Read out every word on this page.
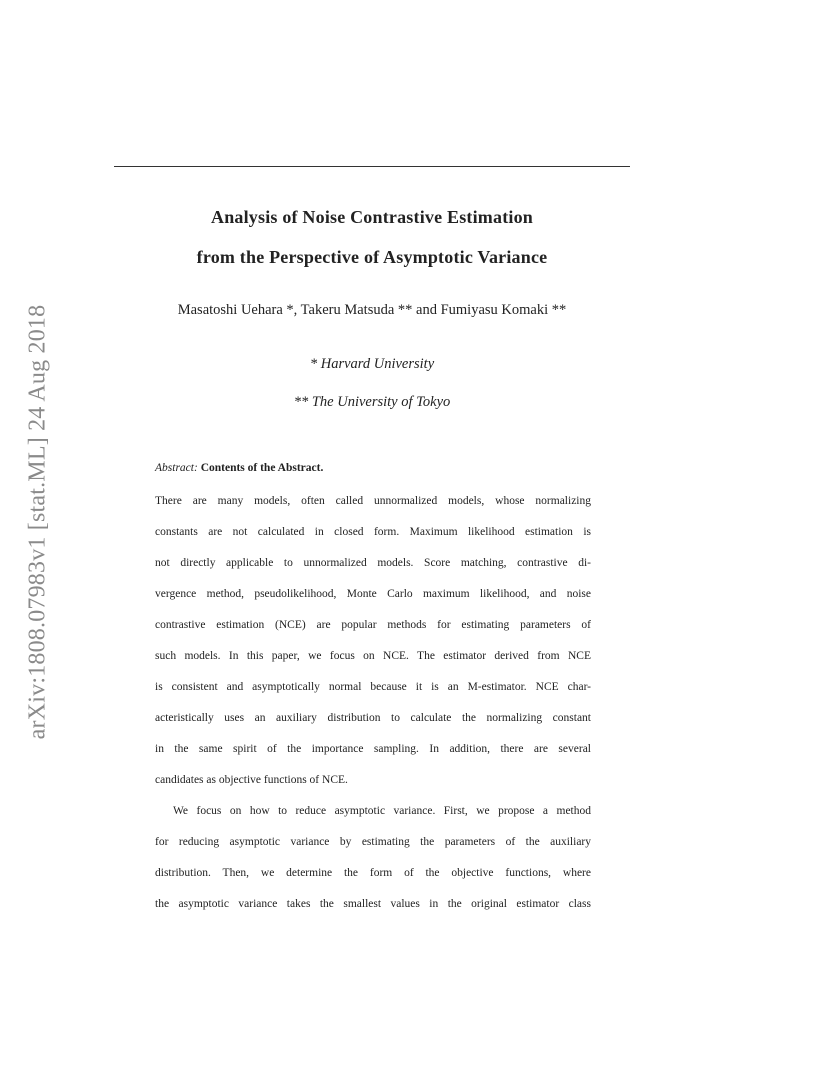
arXiv:1808.07983v1 [stat.ML] 24 Aug 2018
Analysis of Noise Contrastive Estimation
from the Perspective of Asymptotic Variance
Masatoshi Uehara *, Takeru Matsuda ** and Fumiyasu Komaki **
* Harvard University
** The University of Tokyo
Abstract: Contents of the Abstract.
There are many models, often called unnormalized models, whose normalizing
constants are not calculated in closed form. Maximum likelihood estimation is
not directly applicable to unnormalized models. Score matching, contrastive di-
vergence method, pseudolikelihood, Monte Carlo maximum likelihood, and noise
contrastive estimation (NCE) are popular methods for estimating parameters of
such models. In this paper, we focus on NCE. The estimator derived from NCE
is consistent and asymptotically normal because it is an M-estimator. NCE char-
acteristically uses an auxiliary distribution to calculate the normalizing constant
in the same spirit of the importance sampling. In addition, there are several
candidates as objective functions of NCE.
We focus on how to reduce asymptotic variance. First, we propose a method
for reducing asymptotic variance by estimating the parameters of the auxiliary
distribution. Then, we determine the form of the objective functions, where
the asymptotic variance takes the smallest values in the original estimator class
